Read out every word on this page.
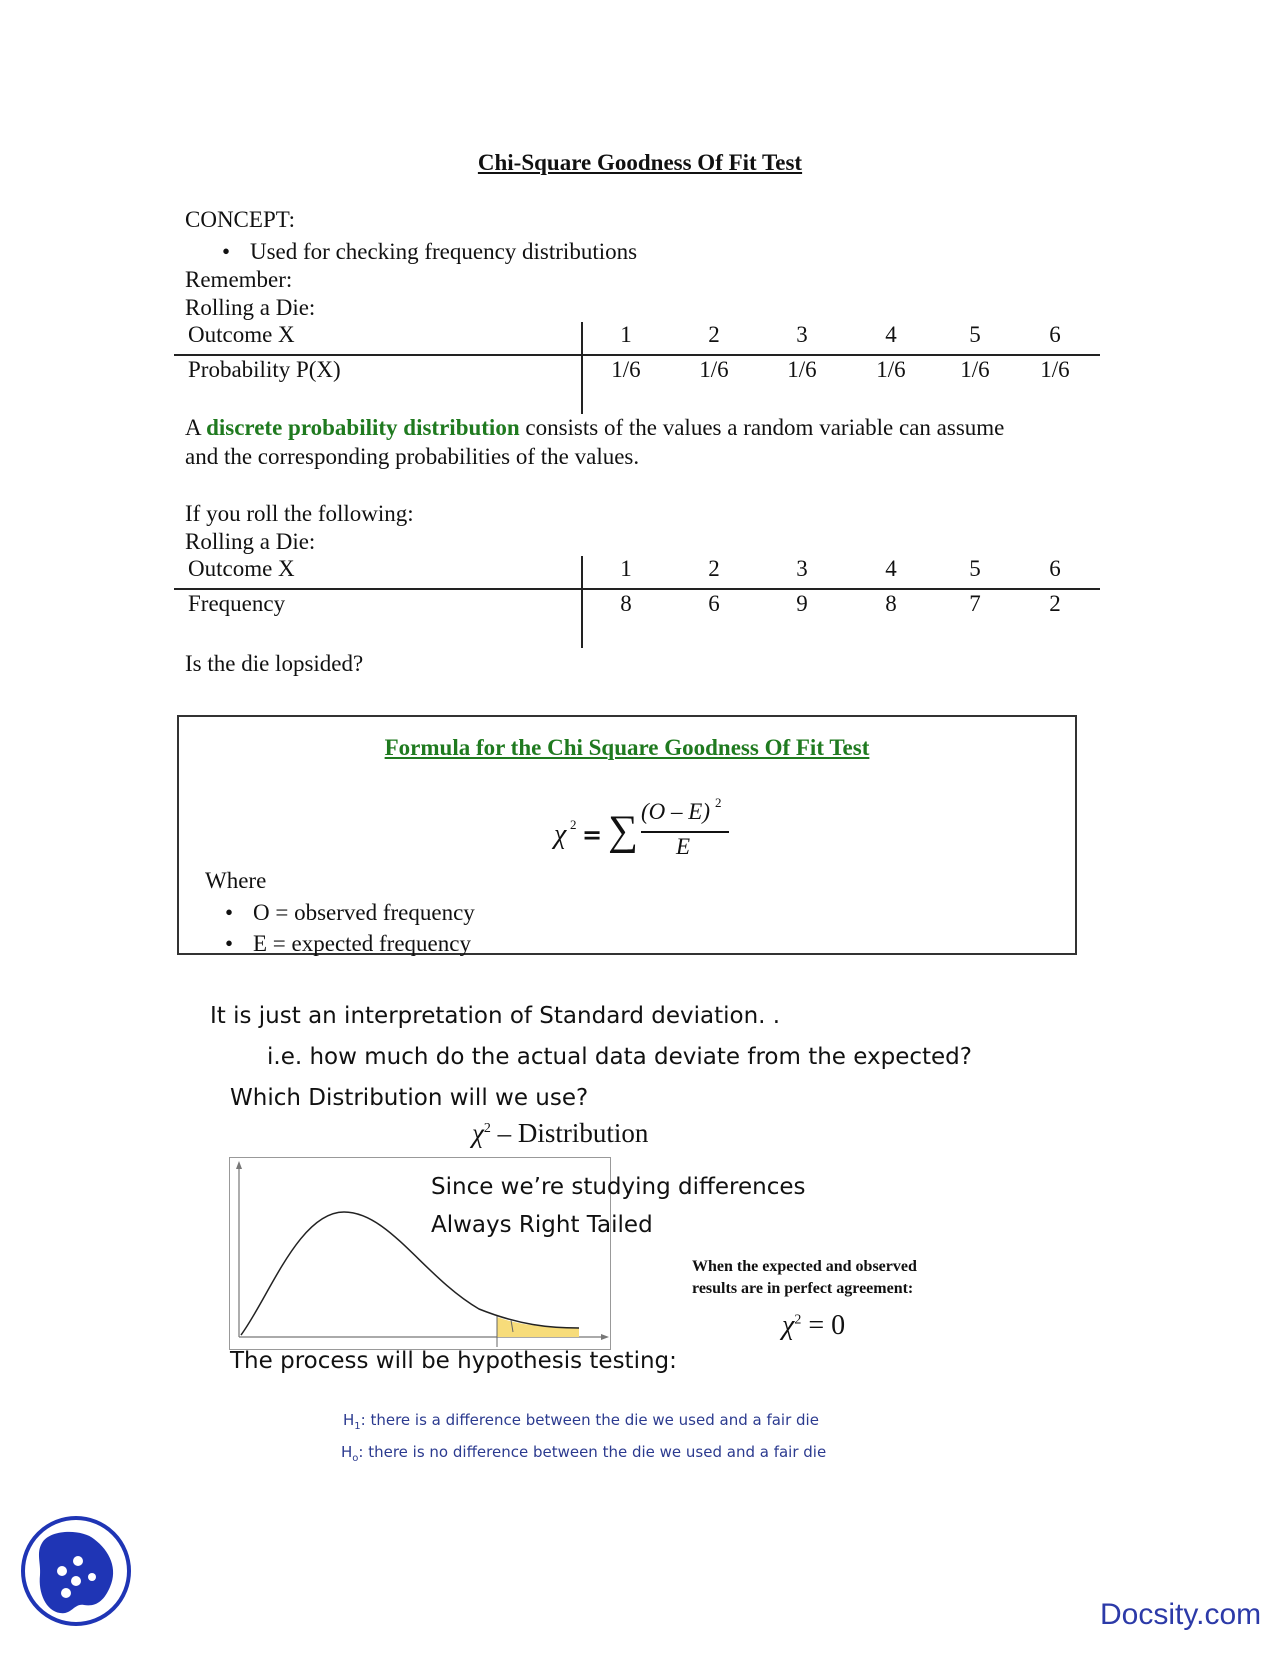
Chi-Square Goodness Of Fit Test
CONCEPT:
• Used for checking frequency distributions
Remember:
Rolling a Die:
Outcome X	1	2	3	4	5	6
Probability P(X)	1/6	1/6	1/6	1/6	1/6	1/6
A discrete probability distribution consists of the values a random variable can assume
and the corresponding probabilities of the values.
If you roll the following:
Rolling a Die:
Outcome X	1	2	3	4	5	6
Frequency	8	6	9	8	7	2
Is the die lopsided?
Formula for the Chi Square Goodness Of Fit Test
χ 2 = ∑ (O – E) 2
E
Where
• O = observed frequency
• E = expected frequency
It is just an interpretation of Standard deviation. .
i.e. how much do the actual data deviate from the expected?
Which Distribution will we use?
$\chi^2$ – Distribution
Since we’re studying differences
Always Right Tailed
When the expected and observed
results are in perfect agreement:
$\chi^2 = 0$
The process will be hypothesis testing:
$H_1$: there is a difference between the die we used and a fair die
$H_o$: there is no difference between the die we used and a fair die
Docsity.com
